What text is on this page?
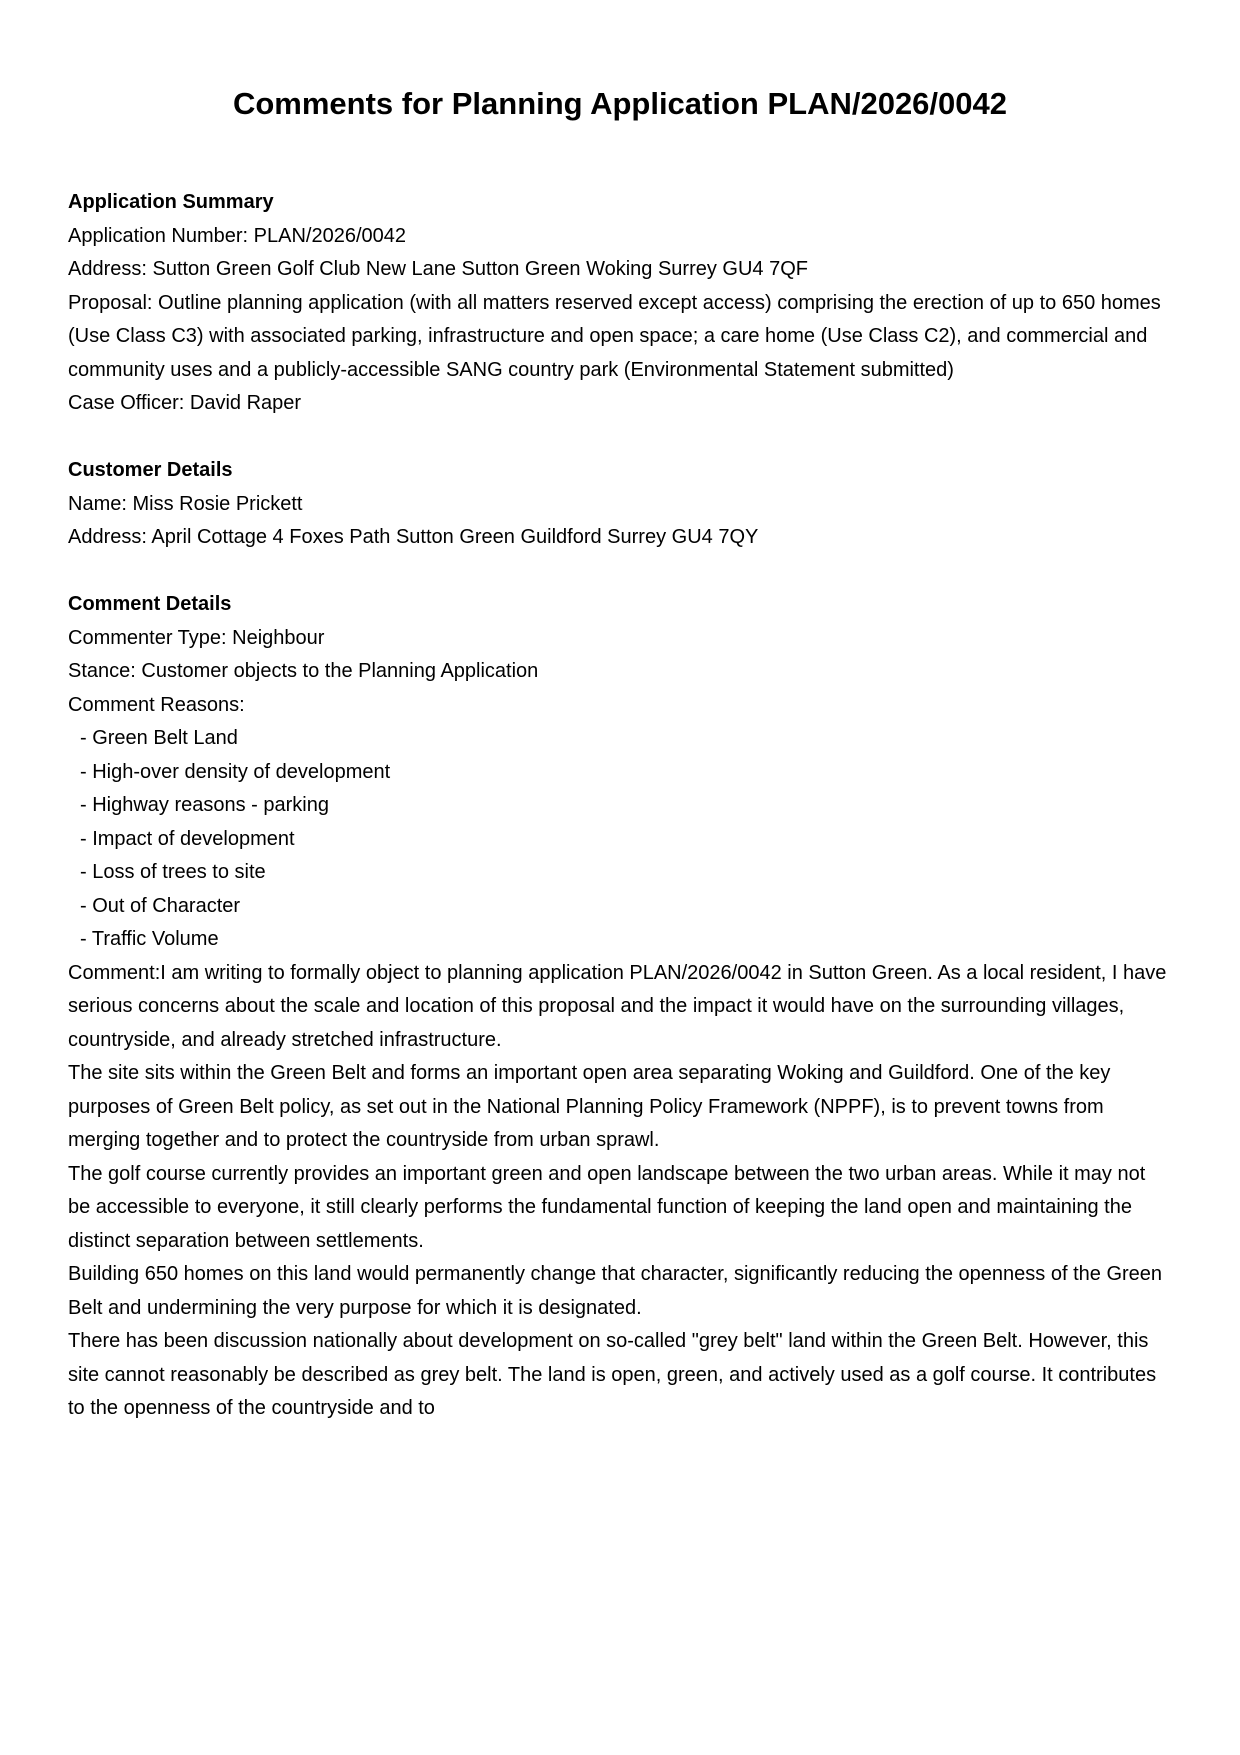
Comments for Planning Application PLAN/2026/0042
Application Summary
Application Number: PLAN/2026/0042
Address: Sutton Green Golf Club New Lane Sutton Green Woking Surrey GU4 7QF
Proposal: Outline planning application (with all matters reserved except access) comprising the erection of up to 650 homes (Use Class C3) with associated parking, infrastructure and open space; a care home (Use Class C2), and commercial and community uses and a publicly-accessible SANG country park (Environmental Statement submitted)
Case Officer: David Raper
Customer Details
Name: Miss Rosie Prickett
Address: April Cottage 4 Foxes Path Sutton Green Guildford Surrey GU4 7QY
Comment Details
Commenter Type: Neighbour
Stance: Customer objects to the Planning Application
Comment Reasons:
- Green Belt Land
- High-over density of development
- Highway reasons - parking
- Impact of development
- Loss of trees to site
- Out of Character
- Traffic Volume
Comment:I am writing to formally object to planning application PLAN/2026/0042 in Sutton Green. As a local resident, I have serious concerns about the scale and location of this proposal and the impact it would have on the surrounding villages, countryside, and already stretched infrastructure.
The site sits within the Green Belt and forms an important open area separating Woking and Guildford. One of the key purposes of Green Belt policy, as set out in the National Planning Policy Framework (NPPF), is to prevent towns from merging together and to protect the countryside from urban sprawl.
The golf course currently provides an important green and open landscape between the two urban areas. While it may not be accessible to everyone, it still clearly performs the fundamental function of keeping the land open and maintaining the distinct separation between settlements.
Building 650 homes on this land would permanently change that character, significantly reducing the openness of the Green Belt and undermining the very purpose for which it is designated.
There has been discussion nationally about development on so-called "grey belt" land within the Green Belt. However, this site cannot reasonably be described as grey belt. The land is open, green, and actively used as a golf course. It contributes to the openness of the countryside and to
